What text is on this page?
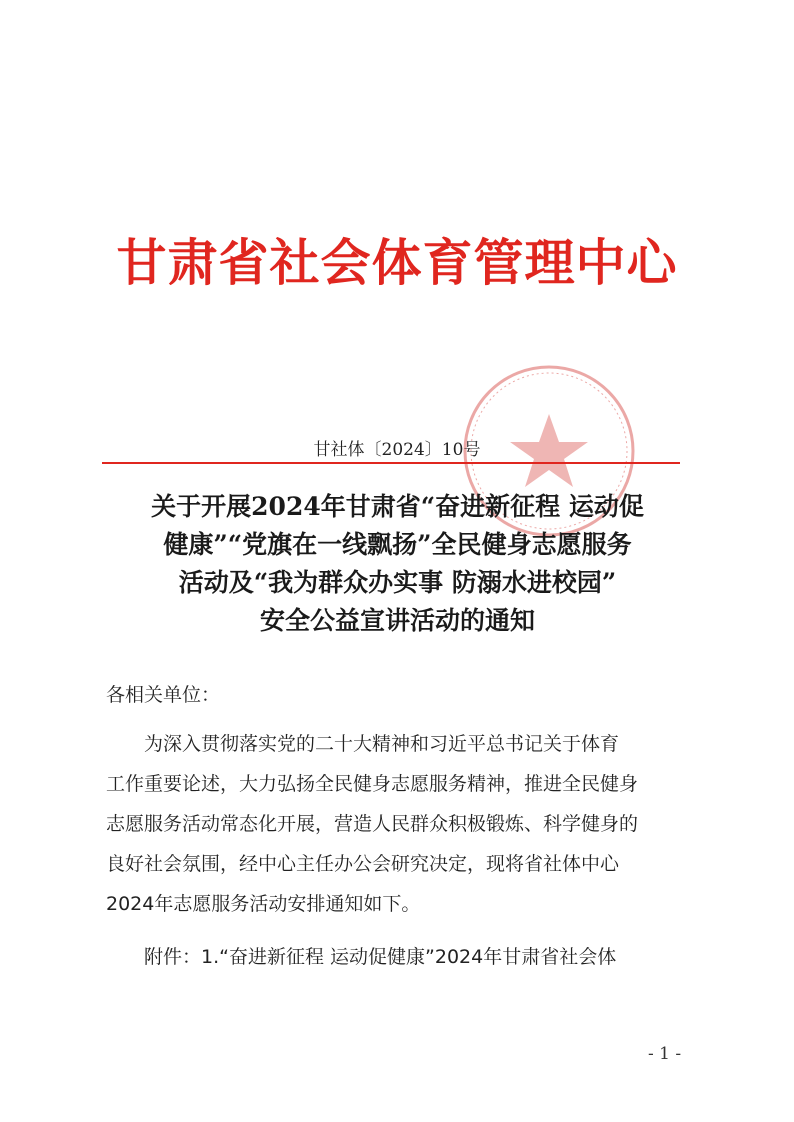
甘肃省社会体育管理中心
甘社体〔2024〕10号
关于开展2024年甘肃省“奋进新征程 运动促
健康”“党旗在一线飘扬”全民健身志愿服务
活动及“我为群众办实事 防溺水进校园”
安全公益宣讲活动的通知
各相关单位：
为深入贯彻落实党的二十大精神和习近平总书记关于体育
工作重要论述，大力弘扬全民健身志愿服务精神，推进全民健身
志愿服务活动常态化开展，营造人民群众积极锻炼、科学健身的
良好社会氛围，经中心主任办公会研究决定，现将省社体中心
2024年志愿服务活动安排通知如下。
附件：1.“奋进新征程 运动促健康”2024年甘肃省社会体
- 1 -
